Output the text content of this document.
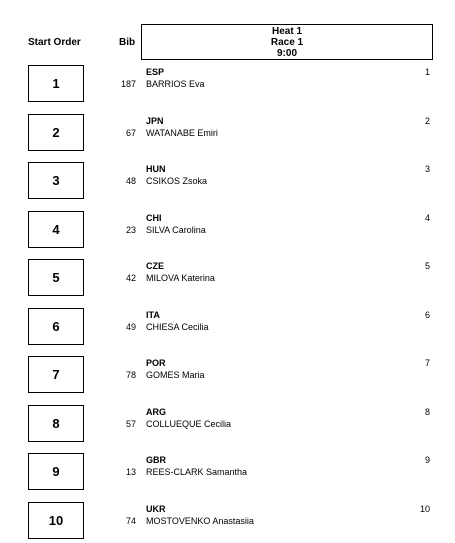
Start Order	Bib
Heat 1
Race 1
9:00
1
ESP
187 BARRIOS Eva
1
2
JPN
67 WATANABE Emiri
2
3
HUN
48 CSIKOS Zsoka
3
4
CHI
23 SILVA Carolina
4
5
CZE
42 MILOVA Katerina
5
6
ITA
49 CHIESA Cecilia
6
7
POR
78 GOMES Maria
7
8
ARG
57 COLLUEQUE Cecilia
8
9
GBR
13 REES-CLARK Samantha
9
10
UKR
74 MOSTOVENKO Anastasiia
10
